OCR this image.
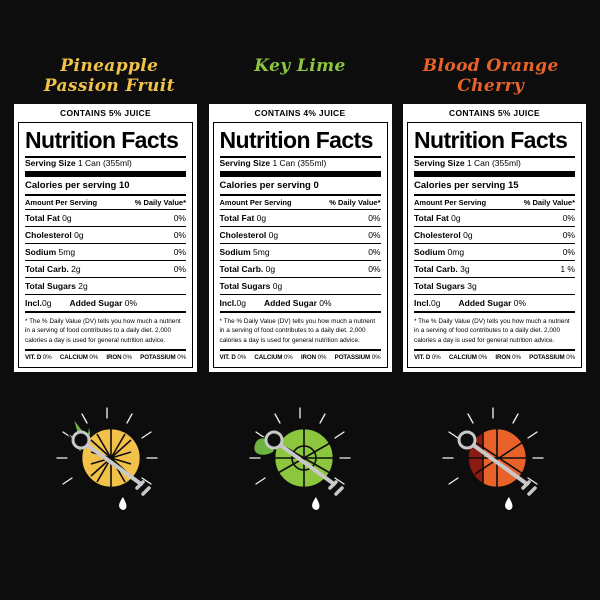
Pineapple
Passion Fruit
Key Lime	Blood Orange
Cherry
CONTAINS 5% JUICE
Nutrition Facts
Serving Size 1 Can (355ml)
Calories per serving 10
Amount Per Serving	% Daily Value*
Total Fat 0g	0%
Cholesterol 0g	0%
Sodium 5mg	0%
Total Carb. 2g	0%
Total Sugars 2g
Incl.0g	Added Sugar 0%
* The % Daily Value (DV) tells you how much a nutrient in a serving of food contributes to a daily diet. 2,000 calories a day is used for general nutrition advice.
VIT. D 0% CALCIUM 0% IRON 0% POTASSIUM 0%
CONTAINS 4% JUICE
Nutrition Facts
Serving Size 1 Can (355ml)
Calories per serving 0
Amount Per Serving	% Daily Value*
Total Fat 0g	0%
Cholesterol 0g	0%
Sodium 5mg	0%
Total Carb. 0g	0%
Total Sugars 0g
Incl.0g	Added Sugar 0%
* The % Daily Value (DV) tells you how much a nutrient in a serving of food contributes to a daily diet. 2,000 calories a day is used for general nutrition advice.
VIT. D 0% CALCIUM 0% IRON 0% POTASSIUM 0%
CONTAINS 5% JUICE
Nutrition Facts
Serving Size 1 Can (355ml)
Calories per serving 15
Amount Per Serving	% Daily Value*
Total Fat 0g	0%
Cholesterol 0g	0%
Sodium 0mg	0%
Total Carb. 3g	1 %
Total Sugars 3g
Incl.0g	Added Sugar 0%
* The % Daily Value (DV) tells you how much a nutrient in a serving of food contributes to a daily diet. 2,000 calories a day is used for general nutrition advice.
VIT. D 0% CALCIUM 0% IRON 0% POTASSIUM 0%
